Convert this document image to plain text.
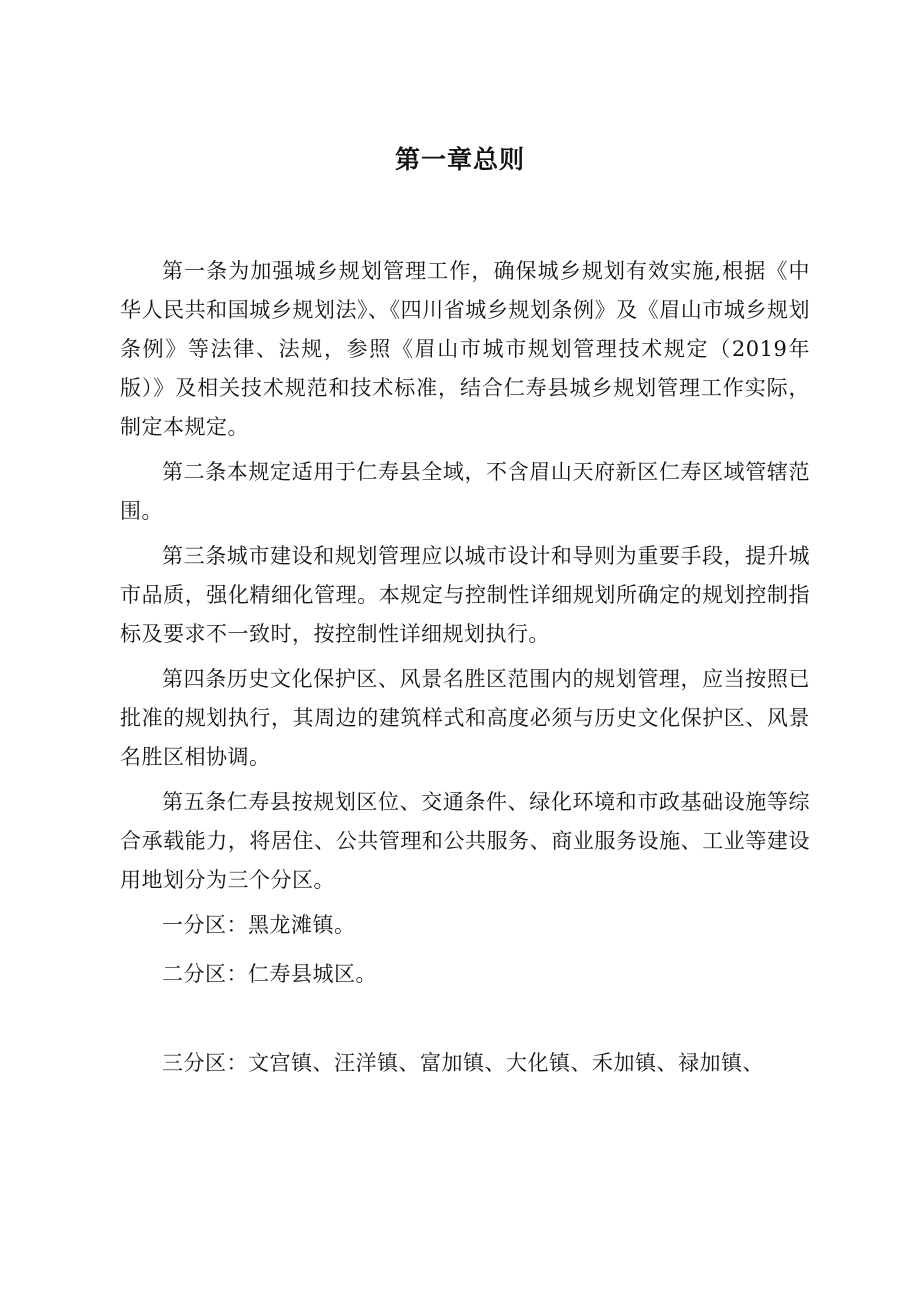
第一章总则

第一条为加强城乡规划管理工作，确保城乡规划有效实施,根据《中华人民共和国城乡规划法》、《四川省城乡规划条例》及《眉山市城乡规划条例》等法律、法规，参照《眉山市城市规划管理技术规定（2019年版）》及相关技术规范和技术标准，结合仁寿县城乡规划管理工作实际，制定本规定。

第二条本规定适用于仁寿县全域，不含眉山天府新区仁寿区域管辖范围。

第三条城市建设和规划管理应以城市设计和导则为重要手段，提升城市品质，强化精细化管理。本规定与控制性详细规划所确定的规划控制指标及要求不一致时，按控制性详细规划执行。

第四条历史文化保护区、风景名胜区范围内的规划管理，应当按照已批准的规划执行，其周边的建筑样式和高度必须与历史文化保护区、风景名胜区相协调。

第五条仁寿县按规划区位、交通条件、绿化环境和市政基础设施等综合承载能力，将居住、公共管理和公共服务、商业服务设施、工业等建设用地划分为三个分区。

一分区：黑龙滩镇。

二分区：仁寿县城区。

三分区：文宫镇、汪洋镇、富加镇、大化镇、禾加镇、禄加镇、
